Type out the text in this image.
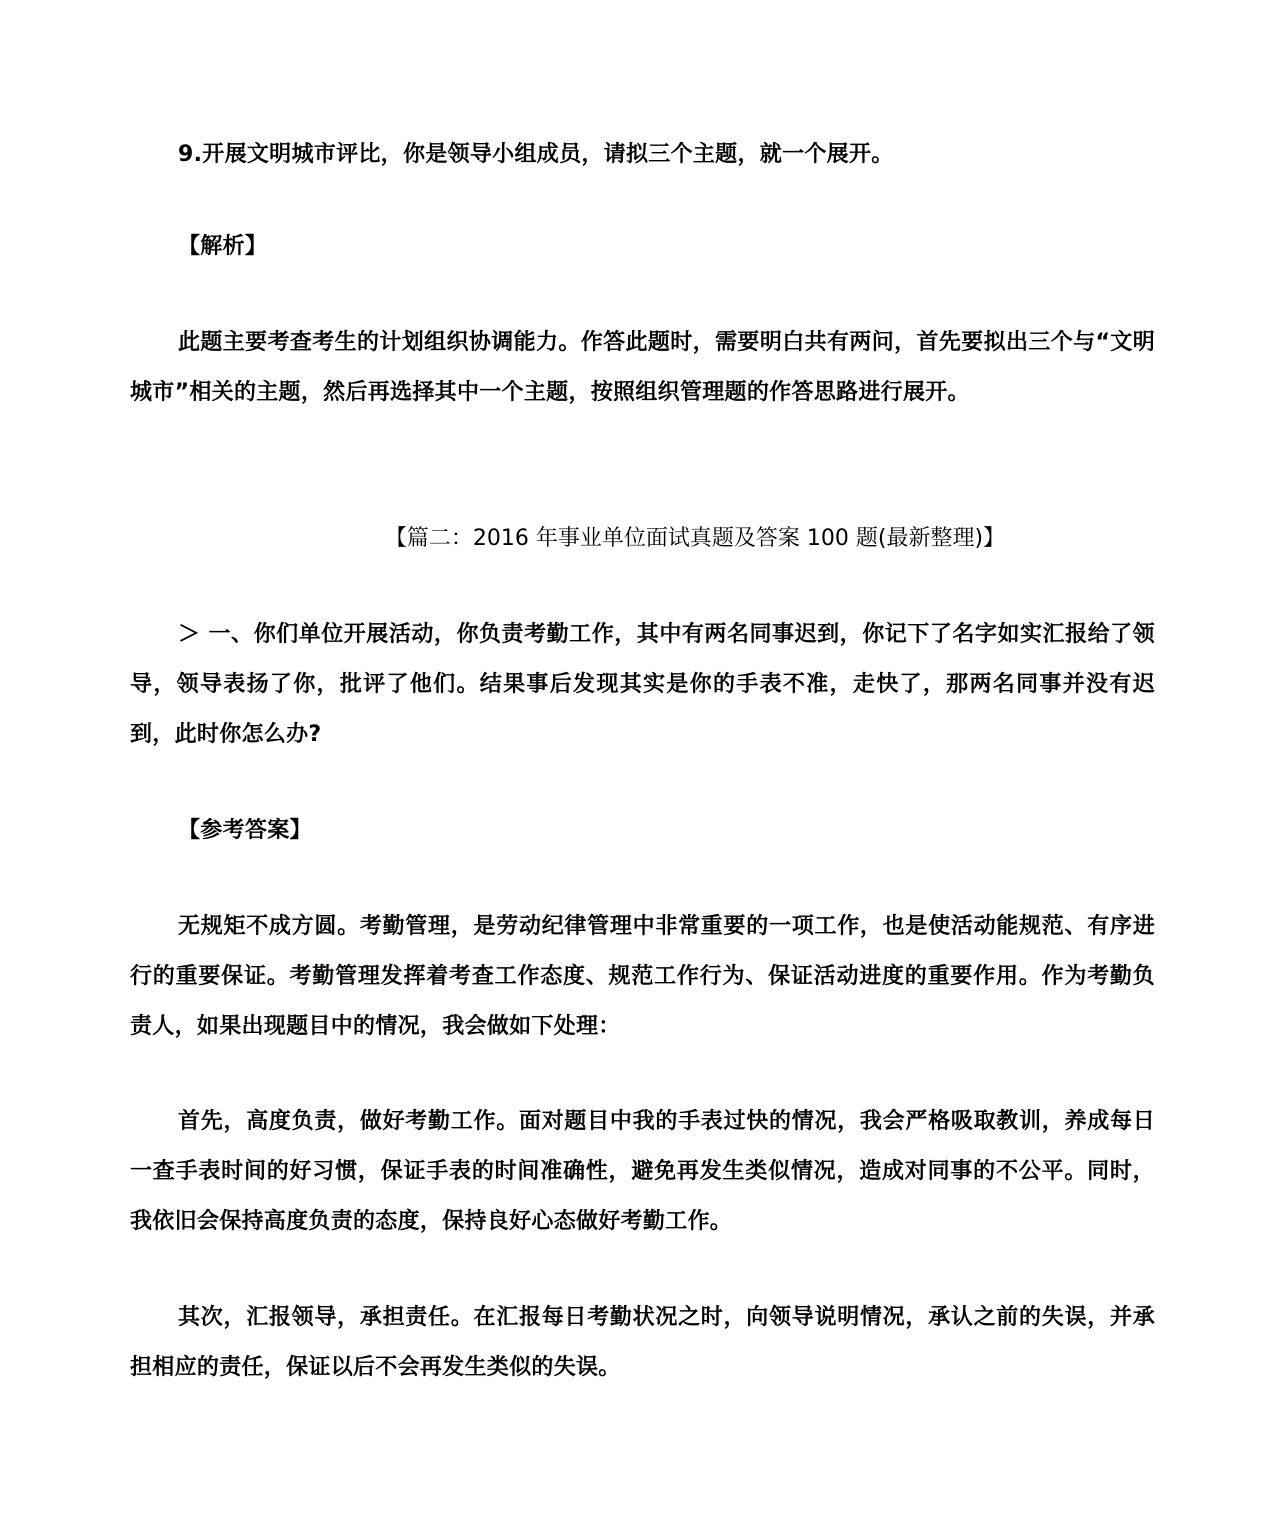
9.开展文明城市评比，你是领导小组成员，请拟三个主题，就一个展开。

【解析】

此题主要考查考生的计划组织协调能力。作答此题时，需要明白共有两问，首先要拟出三个与“文明城市”相关的主题，然后再选择其中一个主题，按照组织管理题的作答思路进行展开。

【篇二：2016 年事业单位面试真题及答案 100 题(最新整理)】

＞ 一、你们单位开展活动，你负责考勤工作，其中有两名同事迟到，你记下了名字如实汇报给了领导，领导表扬了你，批评了他们。结果事后发现其实是你的手表不准，走快了，那两名同事并没有迟到，此时你怎么办?

【参考答案】

无规矩不成方圆。考勤管理，是劳动纪律管理中非常重要的一项工作，也是使活动能规范、有序进行的重要保证。考勤管理发挥着考查工作态度、规范工作行为、保证活动进度的重要作用。作为考勤负责人，如果出现题目中的情况，我会做如下处理：

首先，高度负责，做好考勤工作。面对题目中我的手表过快的情况，我会严格吸取教训，养成每日一查手表时间的好习惯，保证手表的时间准确性，避免再发生类似情况，造成对同事的不公平。同时，我依旧会保持高度负责的态度，保持良好心态做好考勤工作。

其次，汇报领导，承担责任。在汇报每日考勤状况之时，向领导说明情况，承认之前的失误，并承担相应的责任，保证以后不会再发生类似的失误。
